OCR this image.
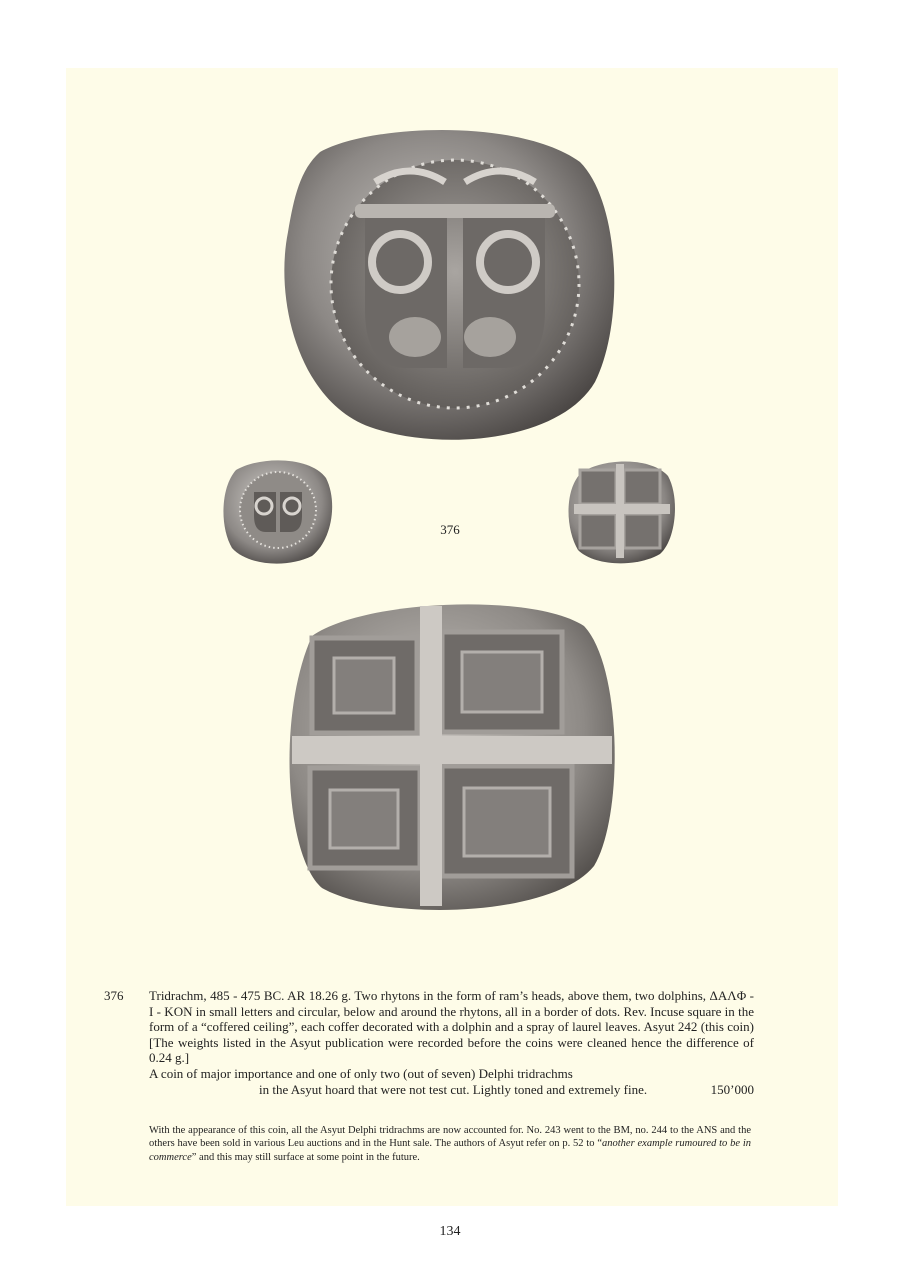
376
376 Tridrachm, 485 - 475 BC. AR 18.26 g. Two rhytons in the form of ram’s heads, above them, two dolphins, ΔΑΛΦ - I - KON in small letters and circular, below and around the rhytons, all in a border of dots. Rev. Incuse square in the form of a “coffered ceiling”, each coffer decorated with a dolphin and a spray of laurel leaves. Asyut 242 (this coin) [The weights listed in the Asyut publication were recorded before the coins were cleaned hence the difference of 0.24 g.]

A coin of major importance and one of only two (out of seven) Delphi tridrachms

in the Asyut hoard that were not test cut. Lightly toned and extremely fine.	150’000

With the appearance of this coin, all the Asyut Delphi tridrachms are now accounted for. No. 243 went to the BM, no. 244 to the ANS and the others have been sold in various Leu auctions and in the Hunt sale. The authors of Asyut refer on p. 52 to “another example rumoured to be in commerce” and this may still surface at some point in the future.
134
